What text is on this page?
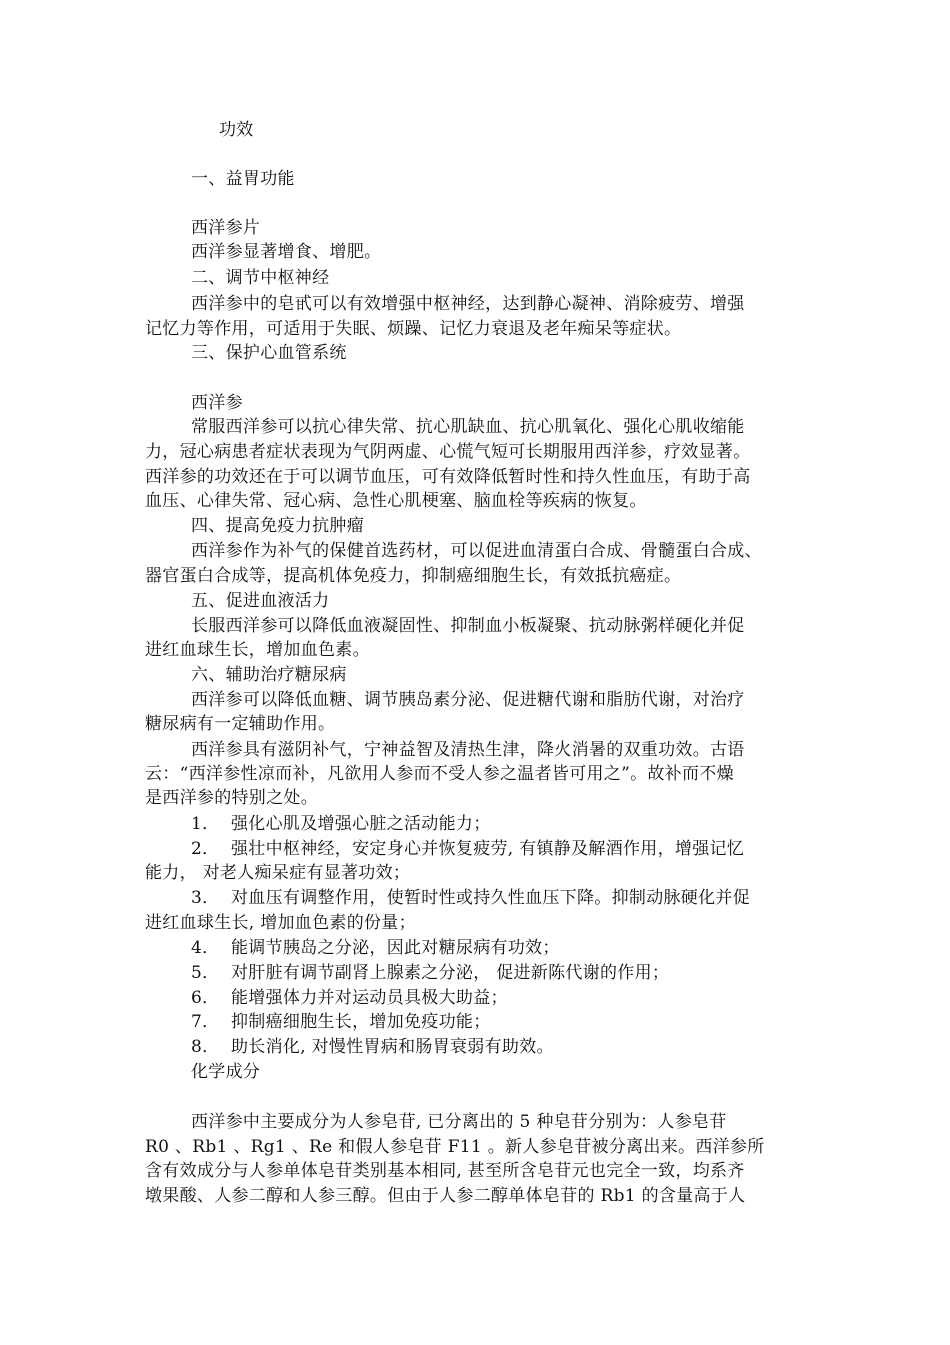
功效
一、益胃功能
西洋参片
西洋参显著增食、增肥。
二、调节中枢神经
西洋参中的皂甙可以有效增强中枢神经，达到静心凝神、消除疲劳、增强
记忆力等作用，可适用于失眠、烦躁、记忆力衰退及老年痴呆等症状。
三、保护心血管系统
西洋参
常服西洋参可以抗心律失常、抗心肌缺血、抗心肌氧化、强化心肌收缩能
力，冠心病患者症状表现为气阴两虚、心慌气短可长期服用西洋参，疗效显著。
西洋参的功效还在于可以调节血压，可有效降低暂时性和持久性血压，有助于高
血压、心律失常、冠心病、急性心肌梗塞、脑血栓等疾病的恢复。
四、提高免疫力抗肿瘤
西洋参作为补气的保健首选药材，可以促进血清蛋白合成、骨髓蛋白合成、
器官蛋白合成等，提高机体免疫力，抑制癌细胞生长，有效抵抗癌症。
五、促进血液活力
长服西洋参可以降低血液凝固性、抑制血小板凝聚、抗动脉粥样硬化并促
进红血球生长，增加血色素。
六、辅助治疗糖尿病
西洋参可以降低血糖、调节胰岛素分泌、促进糖代谢和脂肪代谢，对治疗
糖尿病有一定辅助作用。
西洋参具有滋阴补气，宁神益智及清热生津，降火消暑的双重功效。古语
云：“西洋参性凉而补，凡欲用人参而不受人参之温者皆可用之”。故补而不燥
是西洋参的特别之处。
1． 强化心肌及增强心脏之活动能力；
2． 强壮中枢神经，安定身心并恢复疲劳, 有镇静及解酒作用，增强记忆
能力， 对老人痴呆症有显著功效；
3． 对血压有调整作用，使暂时性或持久性血压下降。抑制动脉硬化并促
进红血球生长, 增加血色素的份量；
4． 能调节胰岛之分泌，因此对糖尿病有功效；
5． 对肝脏有调节副肾上腺素之分泌， 促进新陈代谢的作用；
6． 能增强体力并对运动员具极大助益；
7． 抑制癌细胞生长，增加免疫功能；
8． 助长消化, 对慢性胃病和肠胃衰弱有助效。
化学成分
西洋参中主要成分为人参皂苷, 已分离出的 5 种皂苷分别为：人参皂苷
R0 、Rb1 、Rg1 、Re 和假人参皂苷 F11 。新人参皂苷被分离出来。西洋参所
含有效成分与人参单体皂苷类别基本相同, 甚至所含皂苷元也完全一致，均系齐
墩果酸、人参二醇和人参三醇。但由于人参二醇单体皂苷的 Rb1 的含量高于人
